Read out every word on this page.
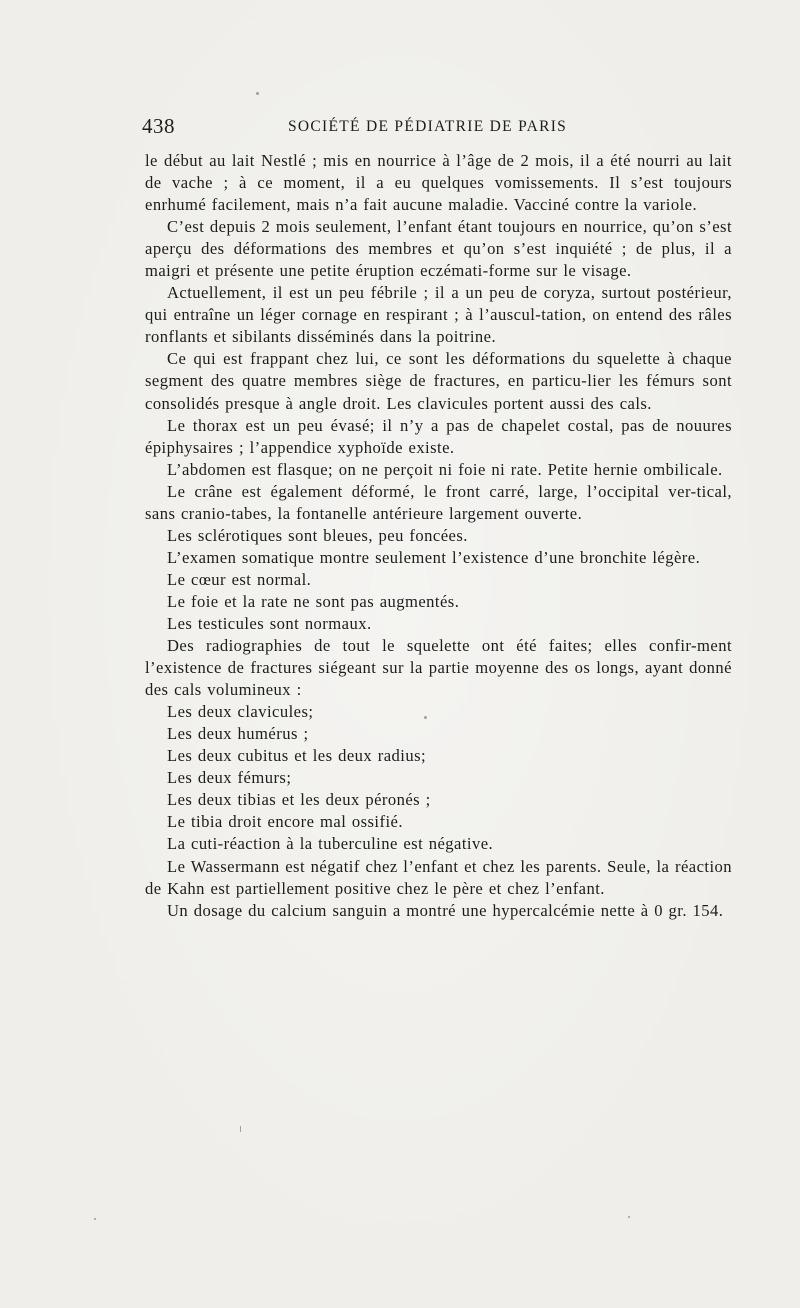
438	SOCIÉTÉ DE PÉDIATRIE DE PARIS

le début au lait Nestlé ; mis en nourrice à l’âge de 2 mois, il a été nourri au lait de vache ; à ce moment, il a eu quelques vomissements. Il s’est toujours enrhumé facilement, mais n’a fait aucune maladie. Vacciné contre la variole.

C’est depuis 2 mois seulement, l’enfant étant toujours en nourrice, qu’on s’est aperçu des déformations des membres et qu’on s’est inquiété ; de plus, il a maigri et présente une petite éruption eczémati-forme sur le visage.

Actuellement, il est un peu fébrile ; il a un peu de coryza, surtout postérieur, qui entraîne un léger cornage en respirant ; à l’auscul-tation, on entend des râles ronflants et sibilants disséminés dans la poitrine.

Ce qui est frappant chez lui, ce sont les déformations du squelette à chaque segment des quatre membres siège de fractures, en particu-lier les fémurs sont consolidés presque à angle droit. Les clavicules portent aussi des cals.

Le thorax est un peu évasé; il n’y a pas de chapelet costal, pas de nouures épiphysaires ; l’appendice xyphoïde existe.

L’abdomen est flasque; on ne perçoit ni foie ni rate. Petite hernie ombilicale.

Le crâne est également déformé, le front carré, large, l’occipital ver-tical, sans cranio-tabes, la fontanelle antérieure largement ouverte.

Les sclérotiques sont bleues, peu foncées.

L’examen somatique montre seulement l’existence d’une bronchite légère.

Le cœur est normal.

Le foie et la rate ne sont pas augmentés.

Les testicules sont normaux.

Des radiographies de tout le squelette ont été faites; elles confir-ment l’existence de fractures siégeant sur la partie moyenne des os longs, ayant donné des cals volumineux :

Les deux clavicules;

Les deux humérus ;

Les deux cubitus et les deux radius;

Les deux fémurs;

Les deux tibias et les deux péronés ;

Le tibia droit encore mal ossifié.

La cuti-réaction à la tuberculine est négative.

Le Wassermann est négatif chez l’enfant et chez les parents. Seule, la réaction de Kahn est partiellement positive chez le père et chez l’enfant.

Un dosage du calcium sanguin a montré une hypercalcémie nette à 0 gr. 154.
